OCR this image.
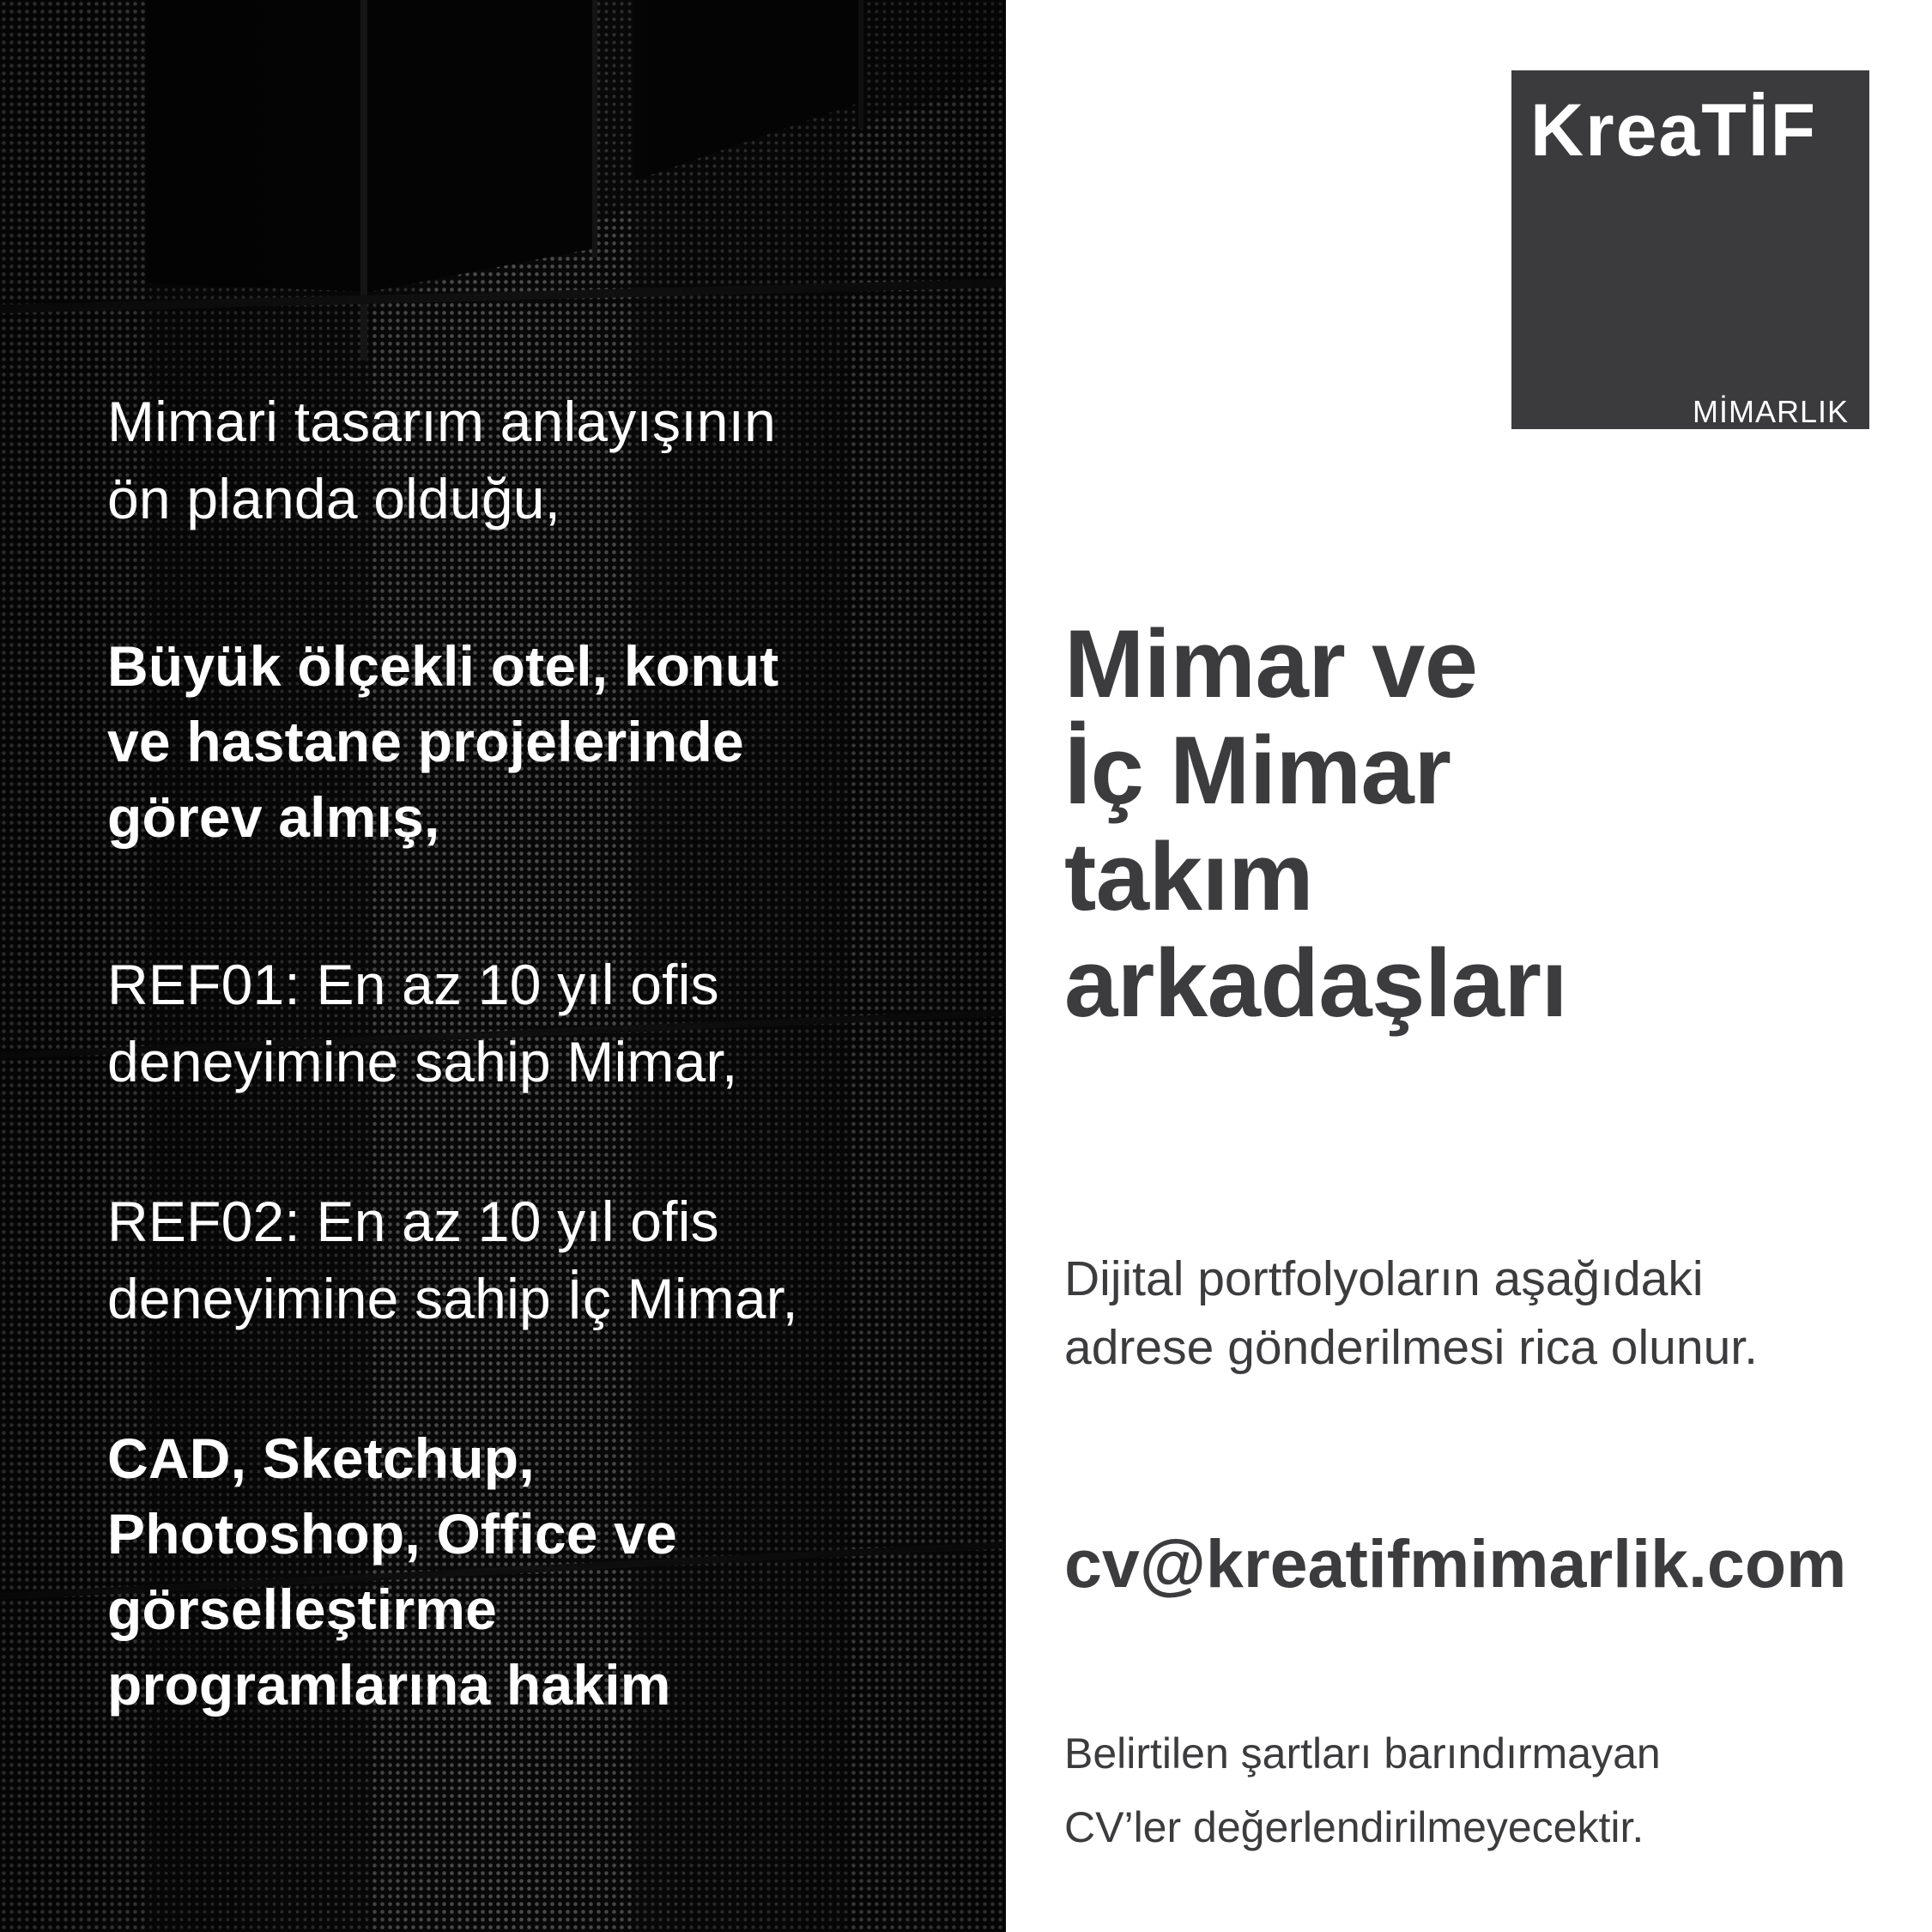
Mimari tasarım anlayışının
ön planda olduğu,
Büyük ölçekli otel, konut
ve hastane projelerinde
görev almış,
REF01: En az 10 yıl ofis
deneyimine sahip Mimar,
REF02: En az 10 yıl ofis
deneyimine sahip İç Mimar,
CAD, Sketchup,
Photoshop, Office ve
görselleştirme
programlarına hakim
KreaTİF
MİMARLIK
Mimar ve
İç Mimar
takım
arkadaşları
Dijital portfolyoların aşağıdaki
adrese gönderilmesi rica olunur.
cv@kreatifmimarlik.com
Belirtilen şartları barındırmayan
CV’ler değerlendirilmeyecektir.
